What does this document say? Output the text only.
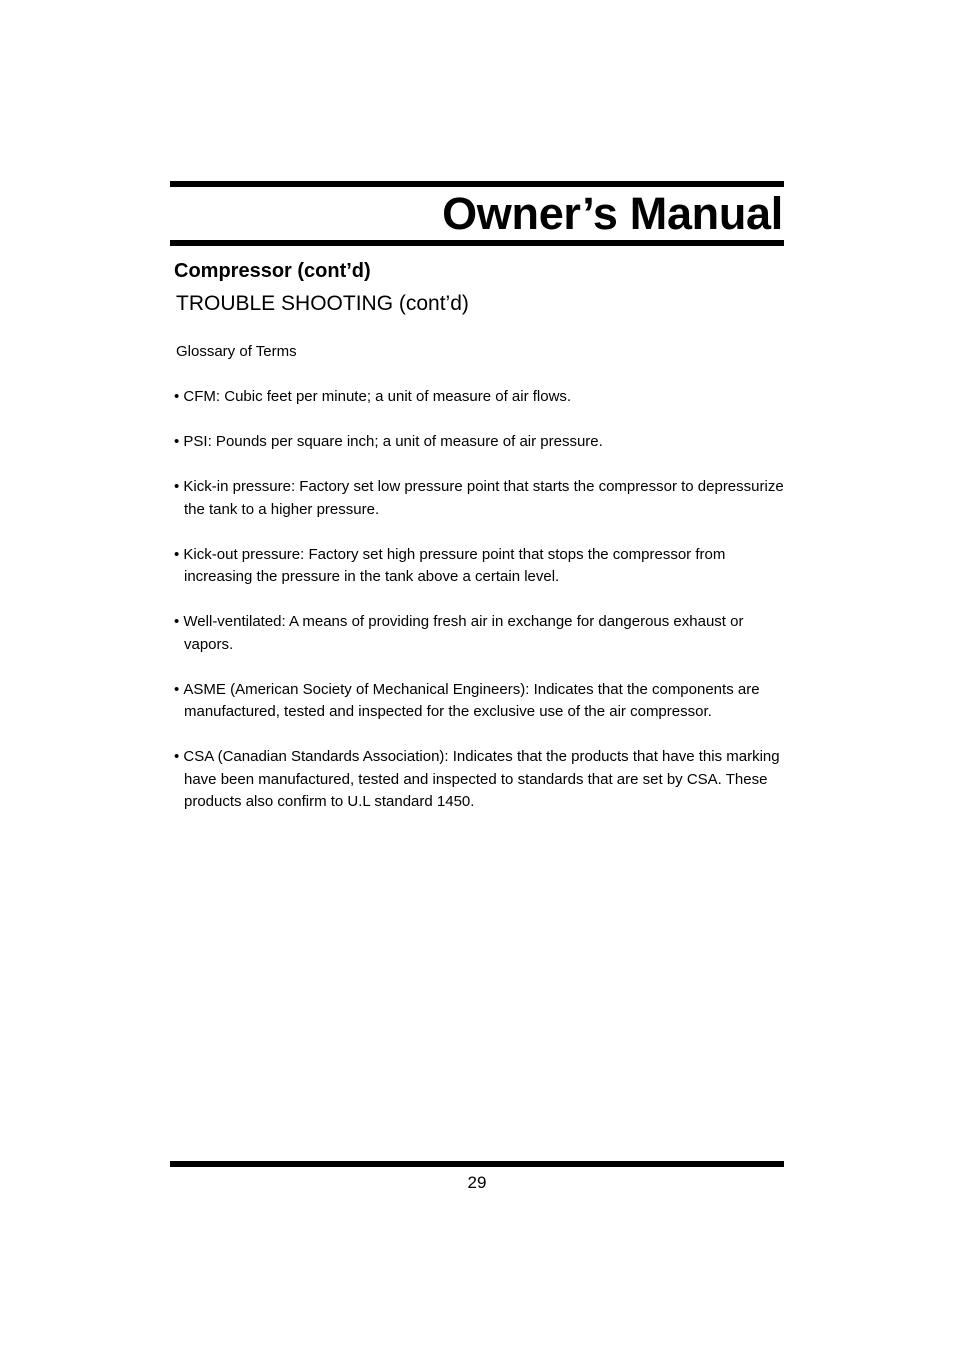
Owner’s Manual
Compressor (cont’d)
TROUBLE SHOOTING (cont’d)

Glossary of Terms

• CFM: Cubic feet per minute; a unit of measure of air flows.
• PSI: Pounds per square inch; a unit of measure of air pressure.
• Kick-in pressure: Factory set low pressure point that starts the compressor to depressurize the tank to a higher pressure.
• Kick-out pressure: Factory set high pressure point that stops the compressor from increasing the pressure in the tank above a certain level.
• Well-ventilated: A means of providing fresh air in exchange for dangerous exhaust or vapors.
• ASME (American Society of Mechanical Engineers): Indicates that the components are manufactured, tested and inspected for the exclusive use of the air compressor.
• CSA (Canadian Standards Association): Indicates that the products that have this marking have been manufactured, tested and inspected to standards that are set by CSA. These products also confirm to U.L standard 1450.
29
